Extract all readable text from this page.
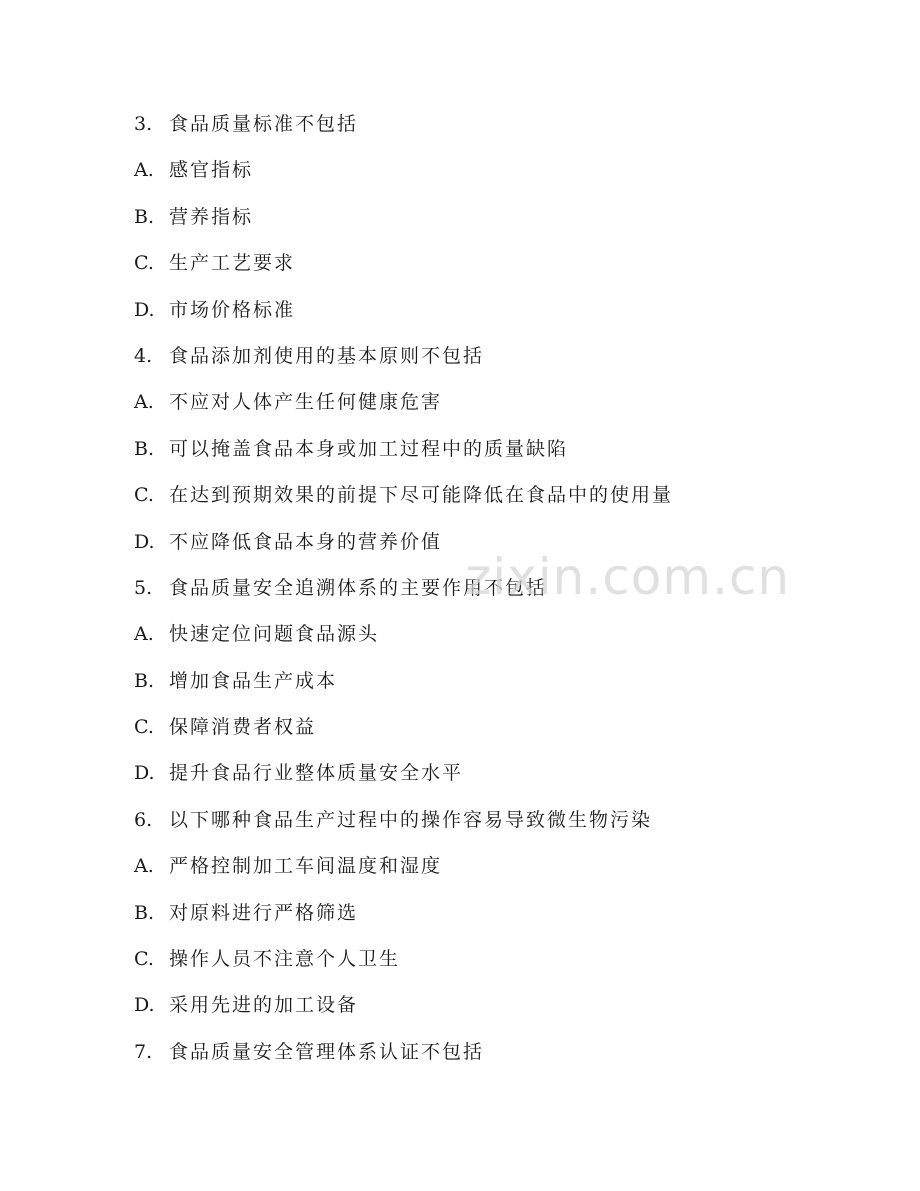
3. 食品质量标准不包括
A. 感官指标
B. 营养指标
C. 生产工艺要求
D. 市场价格标准
4. 食品添加剂使用的基本原则不包括
A. 不应对人体产生任何健康危害
B. 可以掩盖食品本身或加工过程中的质量缺陷
C. 在达到预期效果的前提下尽可能降低在食品中的使用量
D. 不应降低食品本身的营养价值
5. 食品质量安全追溯体系的主要作用不包括
A. 快速定位问题食品源头
B. 增加食品生产成本
C. 保障消费者权益
D. 提升食品行业整体质量安全水平
6. 以下哪种食品生产过程中的操作容易导致微生物污染
A. 严格控制加工车间温度和湿度
B. 对原料进行严格筛选
C. 操作人员不注意个人卫生
D. 采用先进的加工设备
7. 食品质量安全管理体系认证不包括
zixin.com.cn
